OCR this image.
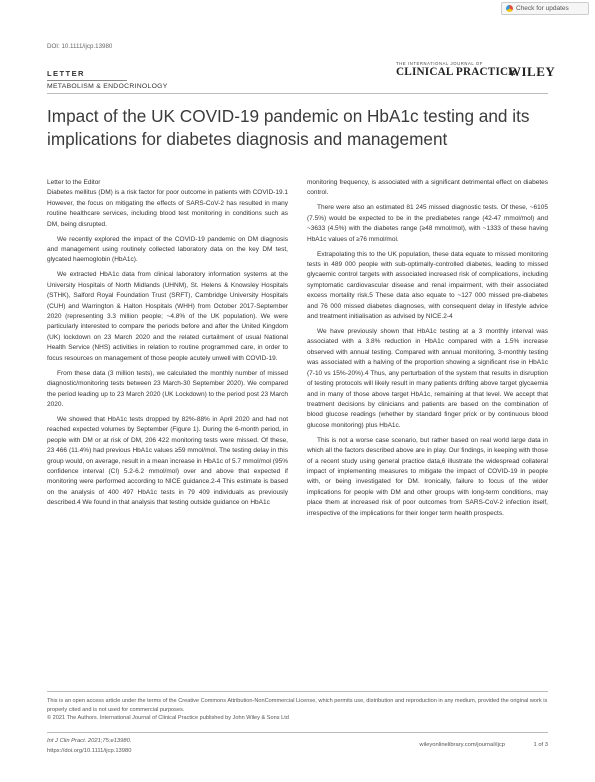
Check for updates
DOI: 10.1111/ijcp.13980
LETTER
METABOLISM & ENDOCRINOLOGY
THE INTERNATIONAL JOURNAL OF
CLINICAL PRACTICE
WILEY
Impact of the UK COVID-19 pandemic on HbA1c testing and its implications for diabetes diagnosis and management

Letter to the Editor

Diabetes mellitus (DM) is a risk factor for poor outcome in patients with COVID-19.1 However, the focus on mitigating the effects of SARS-CoV-2 has resulted in many routine healthcare services, including blood test monitoring in conditions such as DM, being disrupted.

We recently explored the impact of the COVID-19 pandemic on DM diagnosis and management using routinely collected laboratory data on the key DM test, glycated haemoglobin (HbA1c).

We extracted HbA1c data from clinical laboratory information systems at the University Hospitals of North Midlands (UHNM), St. Helens & Knowsley Hospitals (STHK), Salford Royal Foundation Trust (SRFT), Cambridge University Hospitals (CUH) and Warrington & Halton Hospitals (WHH) from October 2017-September 2020 (representing 3.3 million people; ~4.8% of the UK population). We were particularly interested to compare the periods before and after the United Kingdom (UK) lockdown on 23 March 2020 and the related curtailment of usual National Health Service (NHS) activities in relation to routine programmed care, in order to focus resources on management of those people acutely unwell with COVID-19.

From these data (3 million tests), we calculated the monthly number of missed diagnostic/monitoring tests between 23 March-30 September 2020). We compared the period leading up to 23 March 2020 (UK Lockdown) to the period post 23 March 2020.

We showed that HbA1c tests dropped by 82%-88% in April 2020 and had not reached expected volumes by September (Figure 1). During the 6-month period, in people with DM or at risk of DM, 206 422 monitoring tests were missed. Of these, 23 466 (11.4%) had previous HbA1c values ≥59 mmol/mol. The testing delay in this group would, on average, result in a mean increase in HbA1c of 5.7 mmol/mol (95% confidence interval (CI) 5.2-6.2 mmol/mol) over and above that expected if monitoring were performed according to NICE guidance.2-4 This estimate is based on the analysis of 400 497 HbA1c tests in 79 409 individuals as previously described.4 We found in that analysis that testing outside guidance on HbA1c

monitoring frequency, is associated with a significant detrimental effect on diabetes control.

There were also an estimated 81 245 missed diagnostic tests. Of these, ~6105 (7.5%) would be expected to be in the prediabetes range (42-47 mmol/mol) and ~3633 (4.5%) with the diabetes range (≥48 mmol/mol), with ~1333 of these having HbA1c values of ≥76 mmol/mol.

Extrapolating this to the UK population, these data equate to missed monitoring tests in 489 000 people with sub-optimally-controlled diabetes, leading to missed glycaemic control targets with associated increased risk of complications, including symptomatic cardiovascular disease and renal impairment, with their associated excess mortality risk.5 These data also equate to ~127 000 missed pre-diabetes and 76 000 missed diabetes diagnoses, with consequent delay in lifestyle advice and treatment initialisation as advised by NICE.2-4

We have previously shown that HbA1c testing at a 3 monthly interval was associated with a 3.8% reduction in HbA1c compared with a 1.5% increase observed with annual testing. Compared with annual monitoring, 3-monthly testing was associated with a halving of the proportion showing a significant rise in HbA1c (7-10 vs 15%-20%).4 Thus, any perturbation of the system that results in disruption of testing protocols will likely result in many patients drifting above target glycaemia and in many of those above target HbA1c, remaining at that level. We accept that treatment decisions by clinicians and patients are based on the combination of blood glucose readings (whether by standard finger prick or by continuous blood glucose monitoring) plus HbA1c.

This is not a worse case scenario, but rather based on real world large data in which all the factors described above are in play. Our findings, in keeping with those of a recent study using general practice data,6 illustrate the widespread collateral impact of implementing measures to mitigate the impact of COVID-19 in people with, or being investigated for DM. Ironically, failure to focus of the wider implications for people with DM and other groups with long-term conditions, may place them at increased risk of poor outcomes from SARS-CoV-2 infection itself, irrespective of the implications for their longer term health prospects.

This is an open access article under the terms of the Creative Commons Attribution-NonCommercial License, which permits use, distribution and reproduction in any medium, provided the original work is properly cited and is not used for commercial purposes.
© 2021 The Authors. International Journal of Clinical Practice published by John Wiley & Sons Ltd
Int J Clin Pract. 2021;75:e13980.
https://doi.org/10.1111/ijcp.13980
wileyonlinelibrary.com/journal/ijcp	1 of 3
